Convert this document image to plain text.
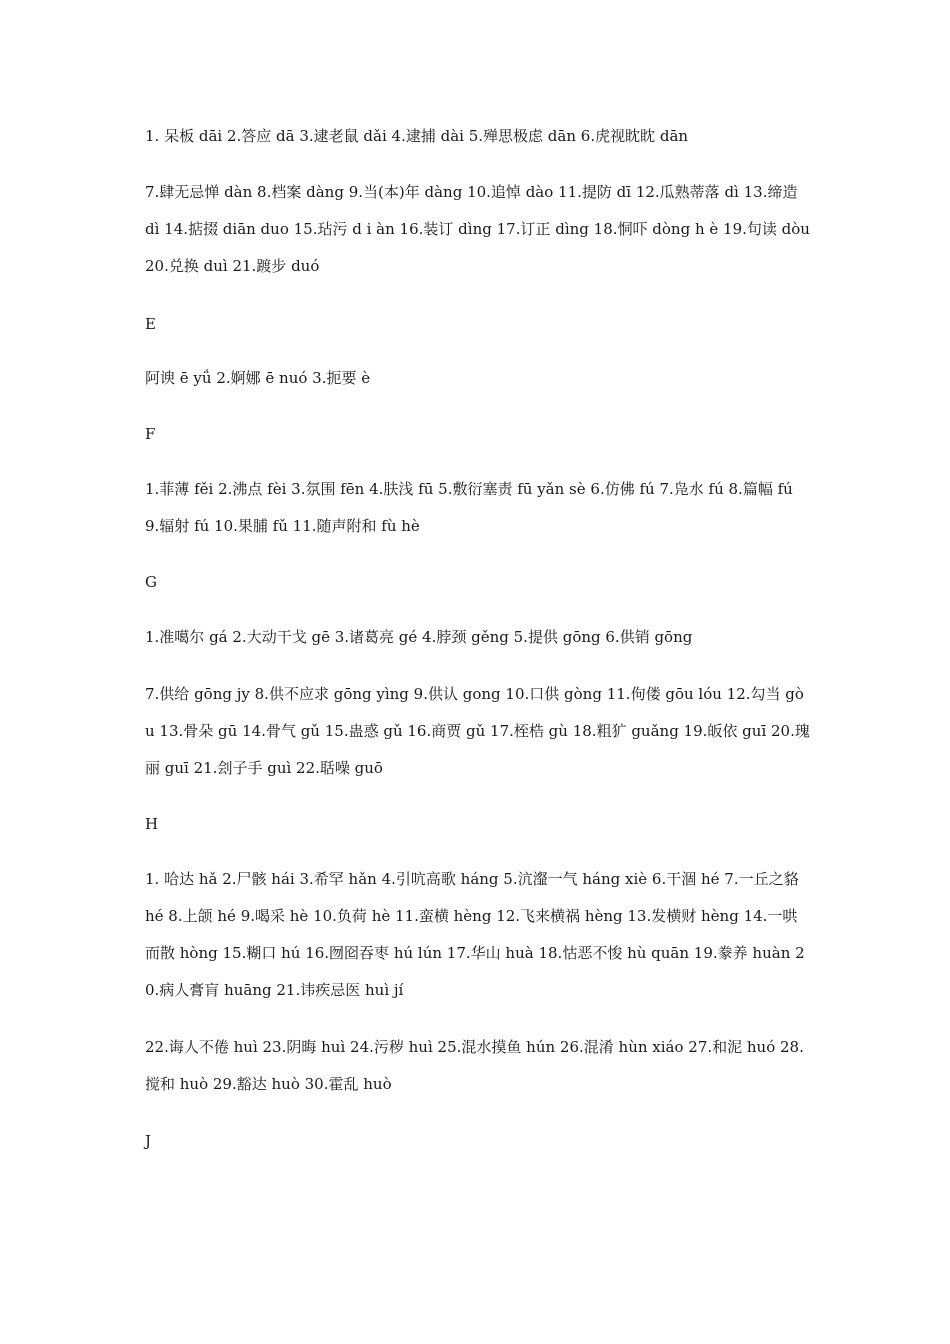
1. 呆板 dāi 2.答应 dā 3.逮老鼠 dǎi 4.逮捕 dài 5.殚思极虑 dān 6.虎视眈眈 dān

7.肆无忌惮 dàn 8.档案 dàng 9.当(本)年 dàng 10.追悼 dào 11.提防 dī 12.瓜熟蒂落 dì 13.缔造 dì 14.掂掇 diān duo 15.玷污 d i àn 16.装订 dìng 17.订正 dìng 18.恫吓 dòng h è 19.句读 dòu 20.兑换 duì 21.踱步 duó

E

阿谀 ē yǘ 2.婀娜 ē nuó 3.扼要 è

F

1.菲薄 fěi 2.沸点 fèi 3.氛围 fēn 4.肤浅 fū 5.敷衍塞责 fū yǎn sè 6.仿佛 fú 7.凫水 fú 8.篇幅 fú 9.辐射 fú 10.果脯 fǔ 11.随声附和 fù hè

G

1.准噶尔 gá 2.大动干戈 gē 3.诸葛亮 gé 4.脖颈 gěng 5.提供 gōng 6.供销 gōng

7.供给 gōng jy 8.供不应求 gōng yìng 9.供认 gong 10.口供 gòng 11.佝偻 gōu lóu 12.勾当 gòu 13.骨朵 gū 14.骨气 gǔ 15.蛊惑 gǔ 16.商贾 gǔ 17.桎梏 gù 18.粗犷 guǎng 19.皈依 guī 20.瑰丽 guī 21.刽子手 guì 22.聒噪 guō

H

1. 哈达 hǎ 2.尸骸 hái 3.希罕 hǎn 4.引吭高歌 háng 5.沆瀣一气 háng xiè 6.干涸 hé 7.一丘之貉 hé 8.上颌 hé 9.喝采 hè 10.负荷 hè 11.蛮横 hèng 12.飞来横祸 hèng 13.发横财 hèng 14.一哄而散 hòng 15.糊口 hú 16.囫囵吞枣 hú lún 17.华山 huà 18.怙恶不悛 hù quān 19.豢养 huàn 20.病人膏肓 huāng 21.讳疾忌医 huì jí

22.诲人不倦 huì 23.阴晦 huì 24.污秽 huì 25.混水摸鱼 hún 26.混淆 hùn xiáo 27.和泥 huó 28.搅和 huò 29.豁达 huò 30.霍乱 huò

J
